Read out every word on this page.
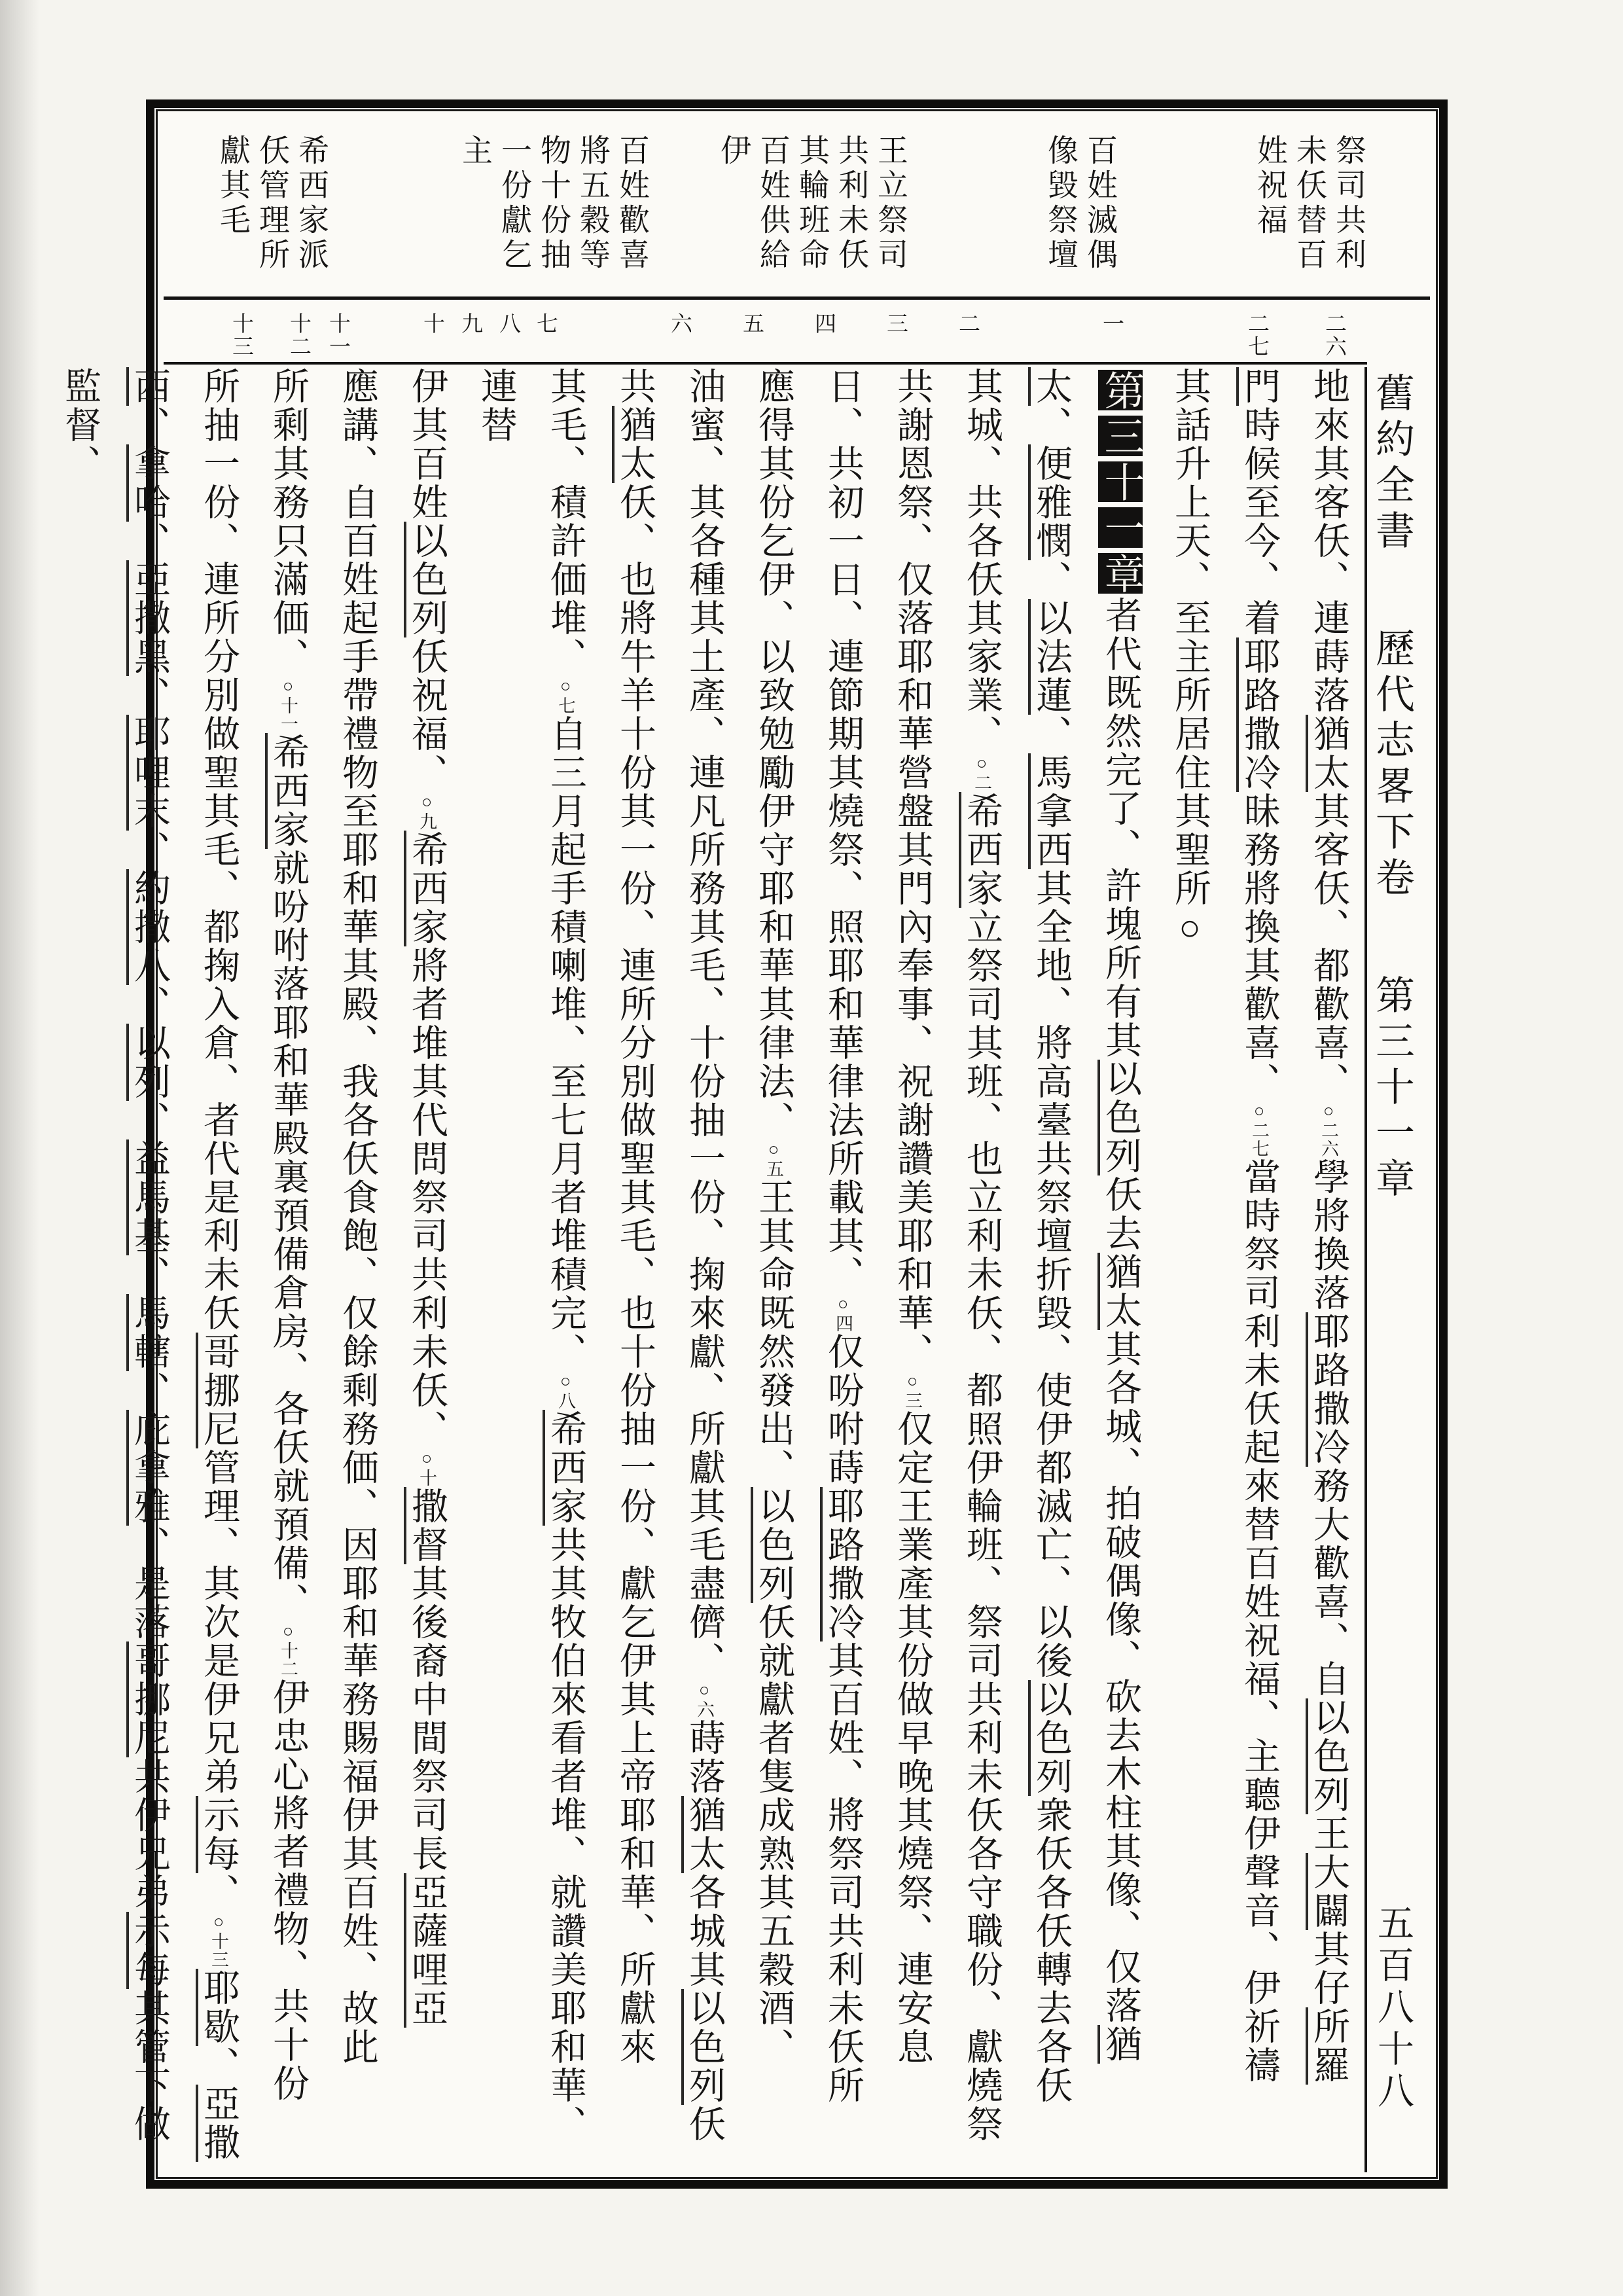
祭司共利未仸替百姓祝福
百姓滅偶像毀祭壇
王立祭司共利未仸其輪班命百姓供給伊
百姓歡喜將五穀等物十份抽一份獻乞主
希西家派仸管理所獻其毛
二六
二七
一
二
三
四
五
六
七
八
九
十
十一
十二
十三
地來其客仸、連蒔落猶太其客仸、都歡喜、○二六學將換落耶路撒冷務大歡喜、自以色列王大闢其仔所羅
門時候至今、着耶路撒冷昧務將換其歡喜、○二七當時祭司利未仸起來替百姓祝福、主聽伊聲音、伊祈禱
其話升上天、至主所居住其聖所○
第三十一章者代既然完了、許塊所有其以色列仸去猶太其各城、拍破偶像、砍去木柱其像、仅落猶
太、便雅憫、以法蓮、馬拿西其全地、將高臺共祭壇折毀、使伊都滅亡、以後以色列衆仸各仸轉去各仸
其城、共各仸其家業、○二希西家立祭司其班、也立利未仸、都照伊輪班、祭司共利未仸各守職份、獻燒祭
共謝恩祭、仅落耶和華營盤其門內奉事、祝謝讚美耶和華、○三仅定王業產其份做早晚其燒祭、連安息
日、共初一日、連節期其燒祭、照耶和華律法所載其、○四仅吩咐蒔耶路撒冷其百姓、將祭司共利未仸所
應得其份乞伊、以致勉勵伊守耶和華其律法、○五王其命既然發出、以色列仸就獻者隻成熟其五穀酒、
油蜜、其各種其土產、連凡所務其毛、十份抽一份、掬來獻、所獻其毛盡儕、○六蒔落猶太各城其以色列仸
共猶太仸、也將牛羊十份其一份、連所分別做聖其毛、也十份抽一份、獻乞伊其上帝耶和華、所獻來
其毛、積許価堆、○七自三月起手積喇堆、至七月者堆積完、○八希西家共其牧伯來看者堆、就讚美耶和華、連替
伊其百姓以色列仸祝福、○九希西家將者堆其代問祭司共利未仸、○十撒督其後裔中間祭司長亞薩哩亞
應講、自百姓起手帶禮物至耶和華其殿、我各仸食飽、仅餘剩務価、因耶和華務賜福伊其百姓、故此
所剩其務只滿価、○十一希西家就吩咐落耶和華殿裏預備倉房、各仸就預備、○十二伊忠心將者禮物、共十份
所抽一份、連所分別做聖其毛、都掬入倉、者代是利未仸哥挪尼管理、其次是伊兄弟示每、○十三耶歇、亞撒
西、拿哈、亞撒黑、耶哩末、約撒八、以列、益馬基、馬轄、庇拿雅、是落哥挪尼共伊兄弟示每其管下做監督、	舊約全書歷代志畧下卷第三十一章
五百八十八
